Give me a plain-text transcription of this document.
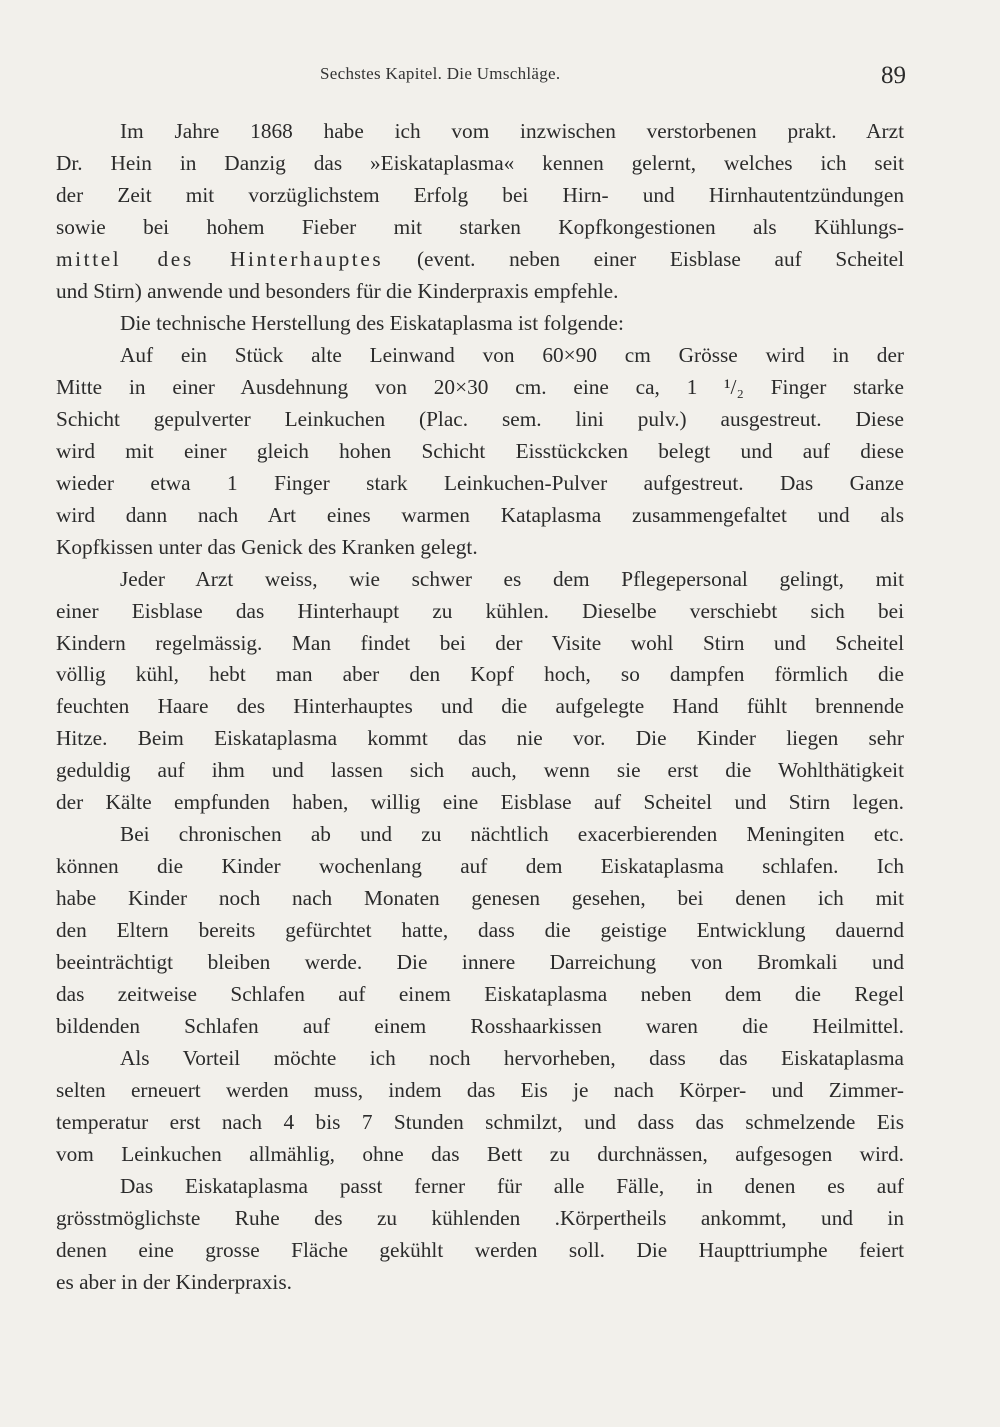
Sechstes Kapitel. Die Umschläge.	89
Im Jahre 1868 habe ich vom inzwischen verstorbenen prakt. Arzt
Dr. Hein in Danzig das »Eiskataplasma« kennen gelernt, welches ich seit
der Zeit mit vorzüglichstem Erfolg bei Hirn- und Hirnhautentzündungen
sowie bei hohem Fieber mit starken Kopfkongestionen als Kühlungs-
mittel des Hinterhauptes (event. neben einer Eisblase auf Scheitel
und Stirn) anwende und besonders für die Kinderpraxis empfehle.
Die technische Herstellung des Eiskataplasma ist folgende:
Auf ein Stück alte Leinwand von 60×90 cm Grösse wird in der
Mitte in einer Ausdehnung von 20×30 cm. eine ca, 1 ¹/₂ Finger starke
Schicht gepulverter Leinkuchen (Plac. sem. lini pulv.) ausgestreut. Diese
wird mit einer gleich hohen Schicht Eisstückcken belegt und auf diese
wieder etwa 1 Finger stark Leinkuchen-Pulver aufgestreut. Das Ganze
wird dann nach Art eines warmen Kataplasma zusammengefaltet und als
Kopfkissen unter das Genick des Kranken gelegt.
Jeder Arzt weiss, wie schwer es dem Pflegepersonal gelingt, mit
einer Eisblase das Hinterhaupt zu kühlen. Dieselbe verschiebt sich bei
Kindern regelmässig. Man findet bei der Visite wohl Stirn und Scheitel
völlig kühl, hebt man aber den Kopf hoch, so dampfen förmlich die
feuchten Haare des Hinterhauptes und die aufgelegte Hand fühlt brennende
Hitze. Beim Eiskataplasma kommt das nie vor. Die Kinder liegen sehr
geduldig auf ihm und lassen sich auch, wenn sie erst die Wohlthätigkeit
der Kälte empfunden haben, willig eine Eisblase auf Scheitel und Stirn legen.
Bei chronischen ab und zu nächtlich exacerbierenden Meningiten etc.
können die Kinder wochenlang auf dem Eiskataplasma schlafen. Ich
habe Kinder noch nach Monaten genesen gesehen, bei denen ich mit
den Eltern bereits gefürchtet hatte, dass die geistige Entwicklung dauernd
beeinträchtigt bleiben werde. Die innere Darreichung von Bromkali und
das zeitweise Schlafen auf einem Eiskataplasma neben dem die Regel
bildenden Schlafen auf einem Rosshaarkissen waren die Heilmittel.
Als Vorteil möchte ich noch hervorheben, dass das Eiskataplasma
selten erneuert werden muss, indem das Eis je nach Körper- und Zimmer-
temperatur erst nach 4 bis 7 Stunden schmilzt, und dass das schmelzende Eis
vom Leinkuchen allmählig, ohne das Bett zu durchnässen, aufgesogen wird.
Das Eiskataplasma passt ferner für alle Fälle, in denen es auf
grösstmöglichste Ruhe des zu kühlenden .Körpertheils ankommt, und in
denen eine grosse Fläche gekühlt werden soll. Die Haupttriumphe feiert
es aber in der Kinderpraxis.
